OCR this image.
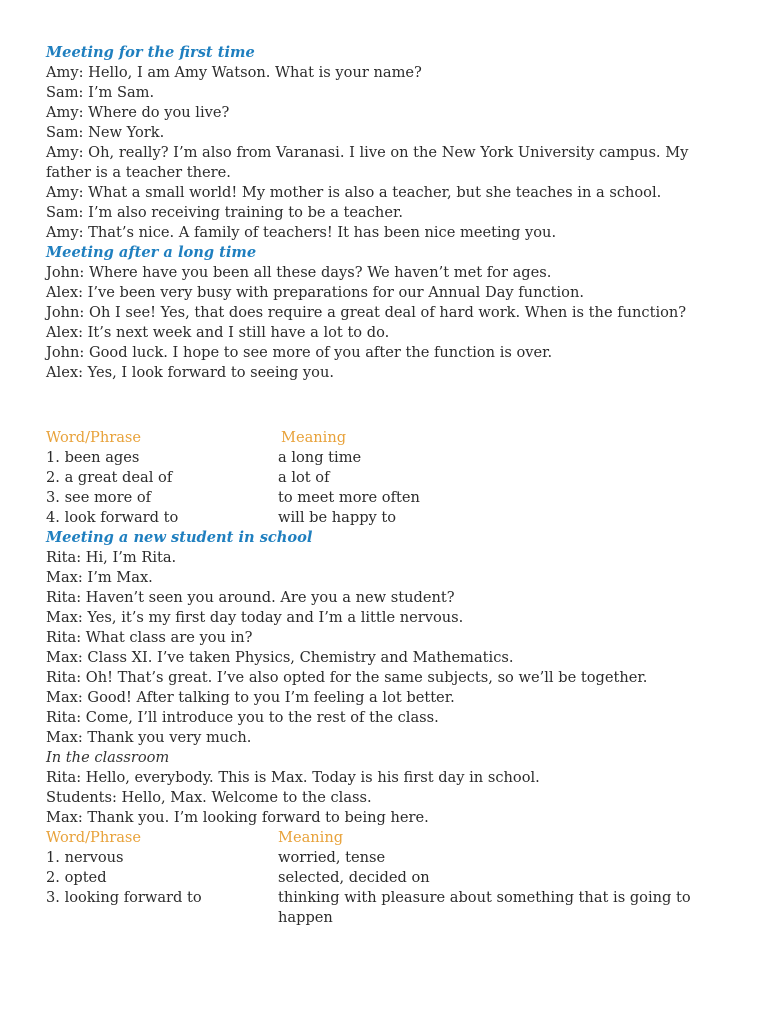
Meeting for the first time
Amy: Hello, I am Amy Watson. What is your name?
Sam: I’m Sam.
Amy: Where do you live?
Sam: New York.
Amy: Oh, really? I’m also from Varanasi. I live on the New York University campus. My
father is a teacher there.
Amy: What a small world! My mother is also a teacher, but she teaches in a school.
Sam: I’m also receiving training to be a teacher.
Amy: That’s nice. A family of teachers! It has been nice meeting you.
Meeting after a long time
John: Where have you been all these days? We haven’t met for ages.
Alex: I’ve been very busy with preparations for our Annual Day function.
John: Oh I see! Yes, that does require a great deal of hard work. When is the function?
Alex: It’s next week and I still have a lot to do.
John: Good luck. I hope to see more of you after the function is over.
Alex: Yes, I look forward to seeing you.
Word/Phrase	Meaning
1. been ages	a long time
2. a great deal of	a lot of
3. see more of	to meet more often
4. look forward to	will be happy to
Meeting a new student in school
Rita: Hi, I’m Rita.
Max: I’m Max.
Rita: Haven’t seen you around. Are you a new student?
Max: Yes, it’s my first day today and I’m a little nervous.
Rita: What class are you in?
Max: Class XI. I’ve taken Physics, Chemistry and Mathematics.
Rita: Oh! That’s great. I’ve also opted for the same subjects, so we’ll be together.
Max: Good! After talking to you I’m feeling a lot better.
Rita: Come, I’ll introduce you to the rest of the class.
Max: Thank you very much.
In the classroom
Rita: Hello, everybody. This is Max. Today is his first day in school.
Students: Hello, Max. Welcome to the class.
Max: Thank you. I’m looking forward to being here.
Word/Phrase	Meaning
1. nervous	worried, tense
2. opted	selected, decided on
3. looking forward to	thinking with pleasure about something that is going to happen
